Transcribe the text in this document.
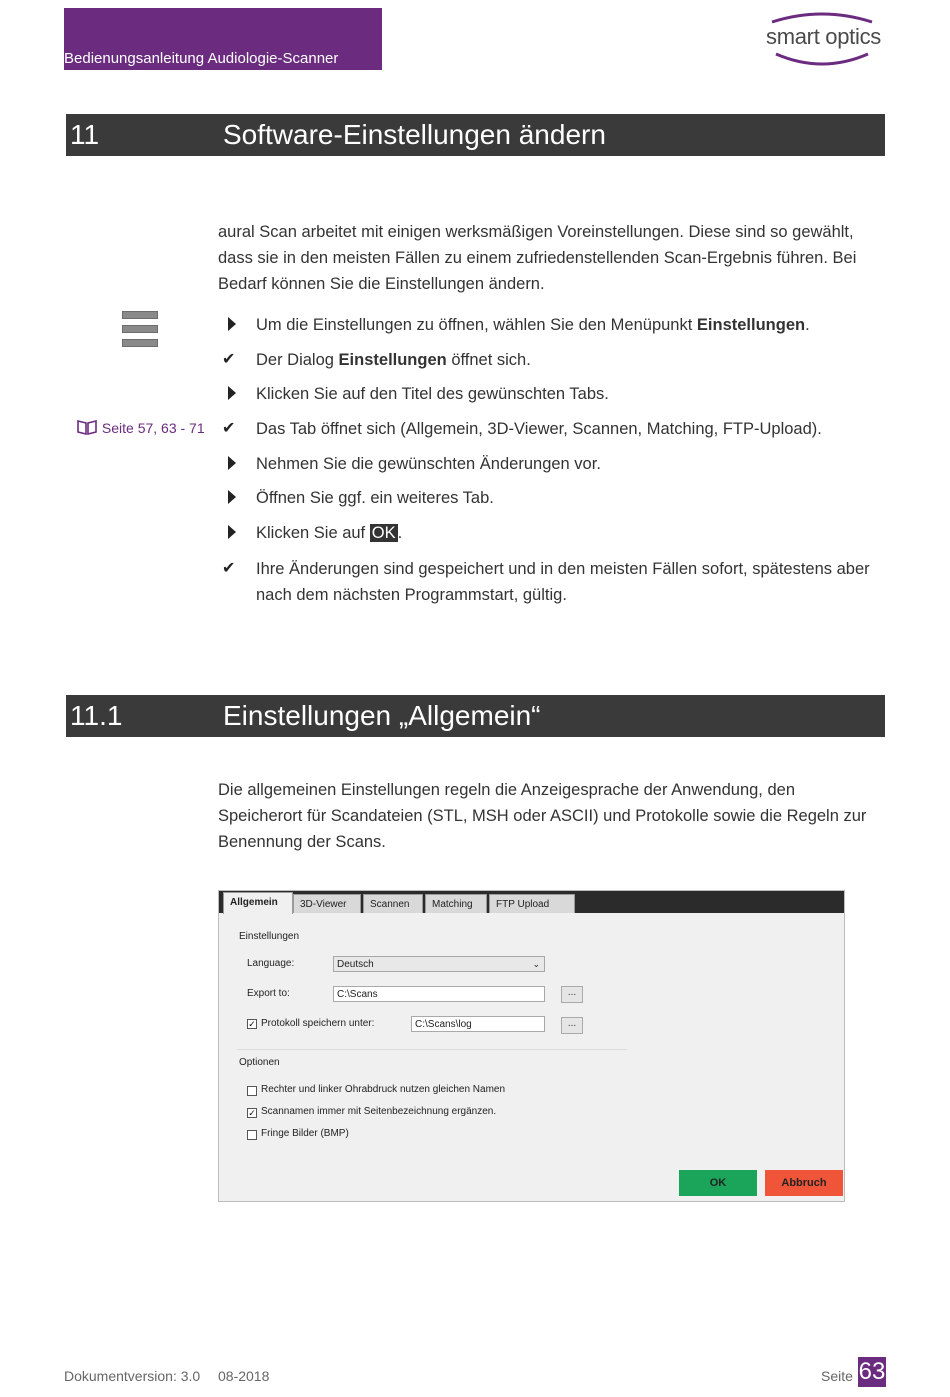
Bedienungsanleitung Audiologie-Scanner
smart optics
11	Software-Einstellungen ändern
aural Scan arbeitet mit einigen werksmäßigen Voreinstellungen. Diese sind so gewählt, dass sie in den meisten Fällen zu einem zufriedenstellenden Scan-Ergebnis führen. Bei Bedarf können Sie die Einstellungen ändern.
Seite 57, 63 - 71
Um die Einstellungen zu öffnen, wählen Sie den Menüpunkt Einstellungen.
✔ Der Dialog Einstellungen öffnet sich.
Klicken Sie auf den Titel des gewünschten Tabs.
✔ Das Tab öffnet sich (Allgemein, 3D-Viewer, Scannen, Matching, FTP-Upload).
Nehmen Sie die gewünschten Änderungen vor.
Öffnen Sie ggf. ein weiteres Tab.
Klicken Sie auf OK .
✔ Ihre Änderungen sind gespeichert und in den meisten Fällen sofort, spätestens aber nach dem nächsten Programmstart, gültig.
11.1	Einstellungen „Allgemein“
Die allgemeinen Einstellungen regeln die Anzeigesprache der Anwendung, den Speicherort für Scandateien (STL, MSH oder ASCII) und Protokolle sowie die Regeln zur Benennung der Scans.
Allgemein	3D-Viewer	Scannen	Matching	FTP Upload
Einstellungen
Language:	Deutsch	⌄
Export to:	C:\Scans	...
✓ Protokoll speichern unter:	C:\Scans\log	...
Optionen
Rechter und linker Ohrabdruck nutzen gleichen Namen
✓ Scannamen immer mit Seitenbezeichnung ergänzen.
Fringe Bilder (BMP)
OK	Abbruch
Dokumentversion: 3.0 08-2018	Seite 63
